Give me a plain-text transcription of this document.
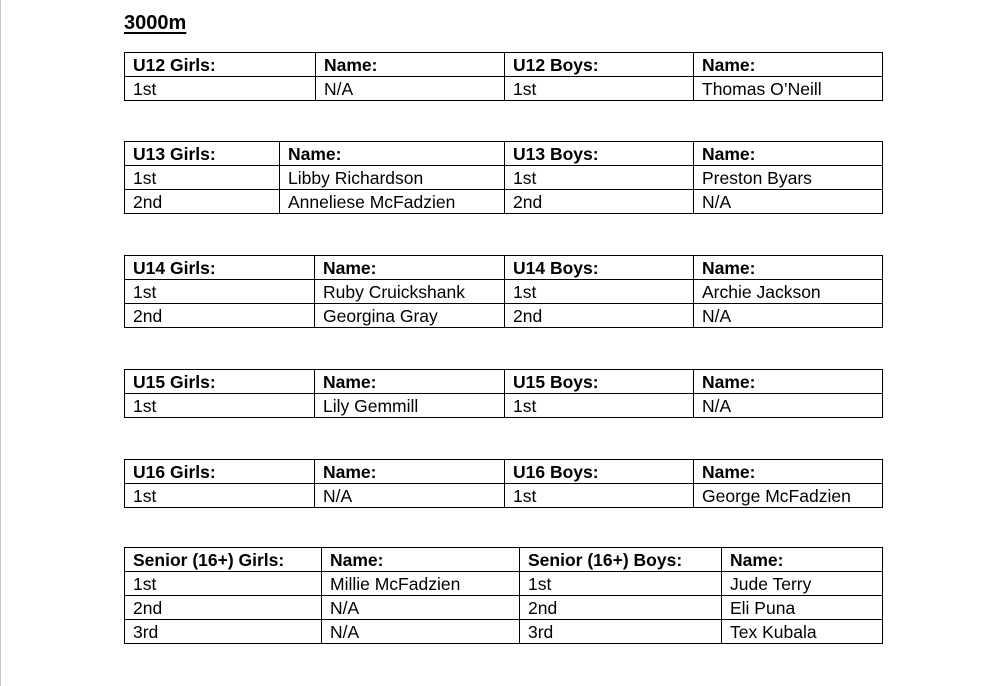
3000m
U12 Girls:	Name:	U12 Boys:	Name:
1st	N/A	1st	Thomas O’Neill
U13 Girls:	Name:	U13 Boys:	Name:
1st	Libby Richardson	1st	Preston Byars
2nd	Anneliese McFadzien	2nd	N/A
U14 Girls:	Name:	U14 Boys:	Name:
1st	Ruby Cruickshank	1st	Archie Jackson
2nd	Georgina Gray	2nd	N/A
U15 Girls:	Name:	U15 Boys:	Name:
1st	Lily Gemmill	1st	N/A
U16 Girls:	Name:	U16 Boys:	Name:
1st	N/A	1st	George McFadzien
Senior (16+) Girls:	Name:	Senior (16+) Boys:	Name:
1st	Millie McFadzien	1st	Jude Terry
2nd	N/A	2nd	Eli Puna
3rd	N/A	3rd	Tex Kubala
